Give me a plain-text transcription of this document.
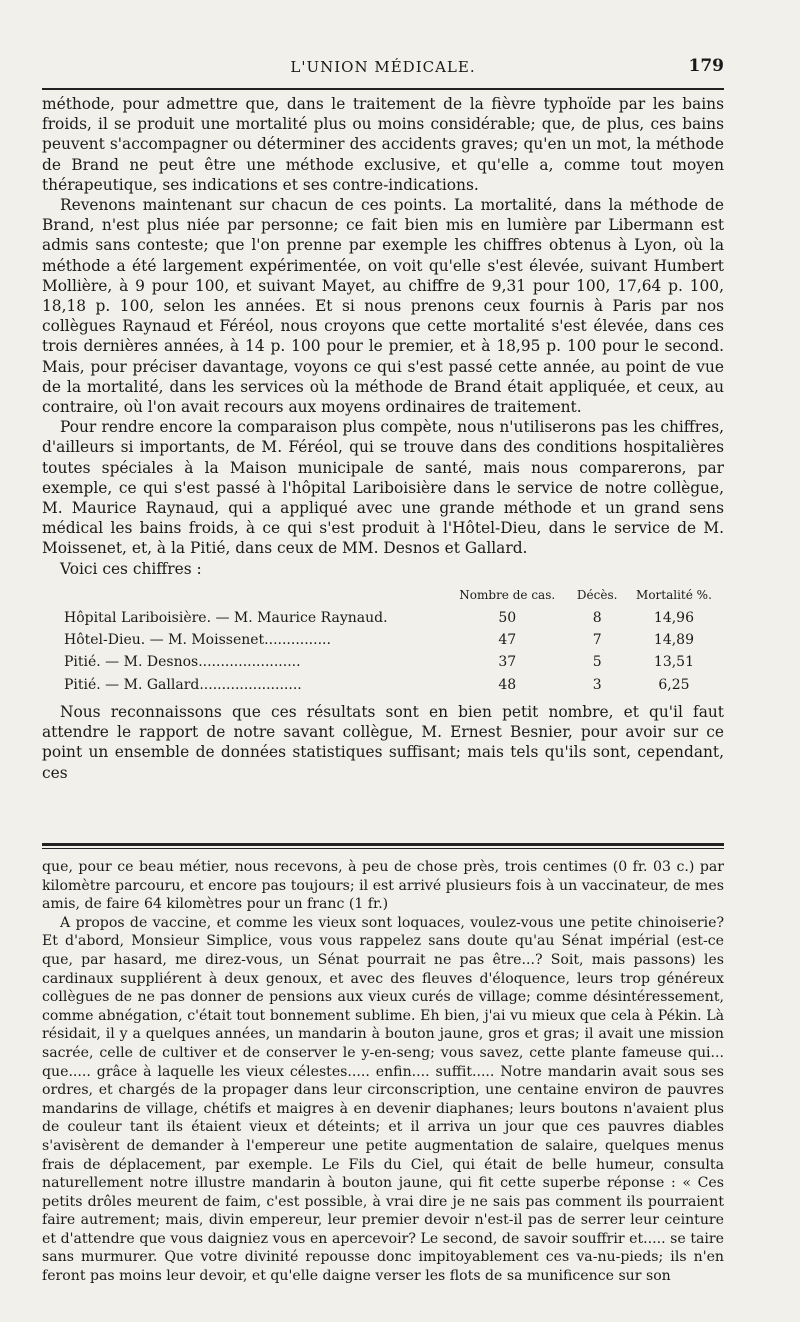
L'UNION MÉDICALE.	179

méthode, pour admettre que, dans le traitement de la fièvre typhoïde par les bains froids, il se produit une mortalité plus ou moins considérable; que, de plus, ces bains peuvent s'accompagner ou déterminer des accidents graves; qu'en un mot, la méthode de Brand ne peut être une méthode exclusive, et qu'elle a, comme tout moyen thérapeutique, ses indications et ses contre-indications.

Revenons maintenant sur chacun de ces points. La mortalité, dans la méthode de Brand, n'est plus niée par personne; ce fait bien mis en lumière par Libermann est admis sans conteste; que l'on prenne par exemple les chiffres obtenus à Lyon, où la méthode a été largement expérimentée, on voit qu'elle s'est élevée, suivant Humbert Mollière, à 9 pour 100, et suivant Mayet, au chiffre de 9,31 pour 100, 17,64 p. 100, 18,18 p. 100, selon les années. Et si nous prenons ceux fournis à Paris par nos collègues Raynaud et Féréol, nous croyons que cette mortalité s'est élevée, dans ces trois dernières années, à 14 p. 100 pour le premier, et à 18,95 p. 100 pour le second. Mais, pour préciser davantage, voyons ce qui s'est passé cette année, au point de vue de la mortalité, dans les services où la méthode de Brand était appliquée, et ceux, au contraire, où l'on avait recours aux moyens ordinaires de traitement.

Pour rendre encore la comparaison plus compète, nous n'utiliserons pas les chiffres, d'ailleurs si importants, de M. Féréol, qui se trouve dans des conditions hospitalières toutes spéciales à la Maison municipale de santé, mais nous comparerons, par exemple, ce qui s'est passé à l'hôpital Lariboisière dans le service de notre collègue, M. Maurice Raynaud, qui a appliqué avec une grande méthode et un grand sens médical les bains froids, à ce qui s'est produit à l'Hôtel-Dieu, dans le service de M. Moissenet, et, à la Pitié, dans ceux de MM. Desnos et Gallard.

Voici ces chiffres :

	Nombre de cas.	Décès.	Mortalité %.
Hôpital Lariboisière. — M. Maurice Raynaud.	50	8	14,96
Hôtel-Dieu. — M. Moissenet...............	47	7	14,89
Pitié. — M. Desnos.......................	37	5	13,51
Pitié. — M. Gallard.......................	48	3	6,25

Nous reconnaissons que ces résultats sont en bien petit nombre, et qu'il faut attendre le rapport de notre savant collègue, M. Ernest Besnier, pour avoir sur ce point un ensemble de données statistiques suffisant; mais tels qu'ils sont, cependant, ces

que, pour ce beau métier, nous recevons, à peu de chose près, trois centimes (0 fr. 03 c.) par kilomètre parcouru, et encore pas toujours; il est arrivé plusieurs fois à un vaccinateur, de mes amis, de faire 64 kilomètres pour un franc (1 fr.)

A propos de vaccine, et comme les vieux sont loquaces, voulez-vous une petite chinoiserie? Et d'abord, Monsieur Simplice, vous vous rappelez sans doute qu'au Sénat impérial (est-ce que, par hasard, me direz-vous, un Sénat pourrait ne pas être...? Soit, mais passons) les cardinaux suppliérent à deux genoux, et avec des fleuves d'éloquence, leurs trop généreux collègues de ne pas donner de pensions aux vieux curés de village; comme désintéressement, comme abnégation, c'était tout bonnement sublime. Eh bien, j'ai vu mieux que cela à Pékin. Là résidait, il y a quelques années, un mandarin à bouton jaune, gros et gras; il avait une mission sacrée, celle de cultiver et de conserver le y-en-seng; vous savez, cette plante fameuse qui... que..... grâce à laquelle les vieux célestes..... enfin.... suffit..... Notre mandarin avait sous ses ordres, et chargés de la propager dans leur circonscription, une centaine environ de pauvres mandarins de village, chétifs et maigres à en devenir diaphanes; leurs boutons n'avaient plus de couleur tant ils étaient vieux et déteints; et il arriva un jour que ces pauvres diables s'avisèrent de demander à l'empereur une petite augmentation de salaire, quelques menus frais de déplacement, par exemple. Le Fils du Ciel, qui était de belle humeur, consulta naturellement notre illustre mandarin à bouton jaune, qui fit cette superbe réponse : « Ces petits drôles meurent de faim, c'est possible, à vrai dire je ne sais pas comment ils pourraient faire autrement; mais, divin empereur, leur premier devoir n'est-il pas de serrer leur ceinture et d'attendre que vous daigniez vous en apercevoir? Le second, de savoir souffrir et..... se taire sans murmurer. Que votre divinité repousse donc impitoyablement ces va-nu-pieds; ils n'en feront pas moins leur devoir, et qu'elle daigne verser les flots de sa munificence sur son
